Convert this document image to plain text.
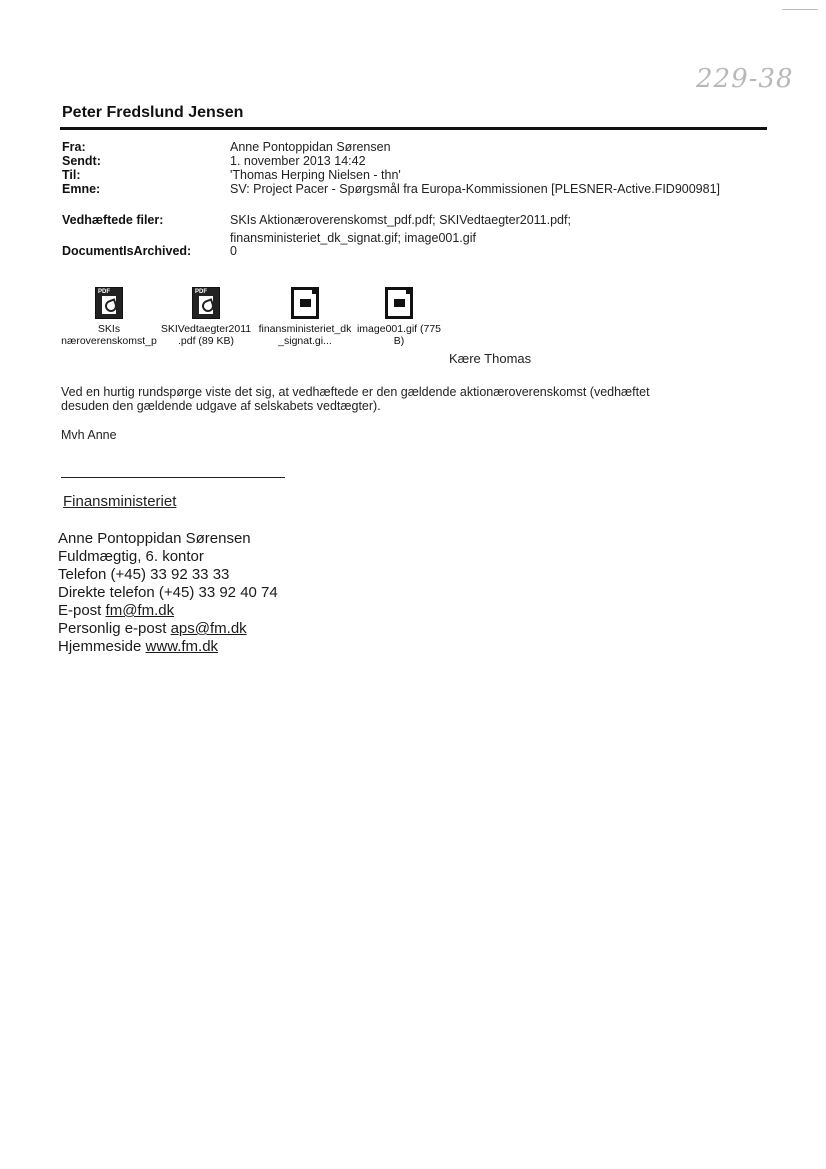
229-38
Peter Fredslund Jensen
Fra:	Anne Pontoppidan Sørensen
Sendt:	1. november 2013 14:42
Til:	'Thomas Herping Nielsen - thn'
Emne:	SV: Project Pacer - Spørgsmål fra Europa-Kommissionen [PLESNER-Active.FID900981]
Vedhæftede filer:	SKIs Aktionæroverenskomst_pdf.pdf; SKIVedtaegter2011.pdf;
finansministeriet_dk_signat.gif; image001.gif
DocumentIsArchived:	0
PDF
SKIs
næroverenskomst_p
PDF
SKIVedtaegter2011
.pdf (89 KB)
finansministeriet_dk
_signat.gi...
image001.gif (775
B)
Kære Thomas
Ved en hurtig rundspørge viste det sig, at vedhæftede er den gældende aktionæroverenskomst (vedhæftet
desuden den gældende udgave af selskabets vedtægter).
Mvh Anne
Finansministeriet
Anne Pontoppidan Sørensen
Fuldmægtig, 6. kontor
Telefon (+45) 33 92 33 33
Direkte telefon (+45) 33 92 40 74
E-post fm@fm.dk
Personlig e-post aps@fm.dk
Hjemmeside www.fm.dk
